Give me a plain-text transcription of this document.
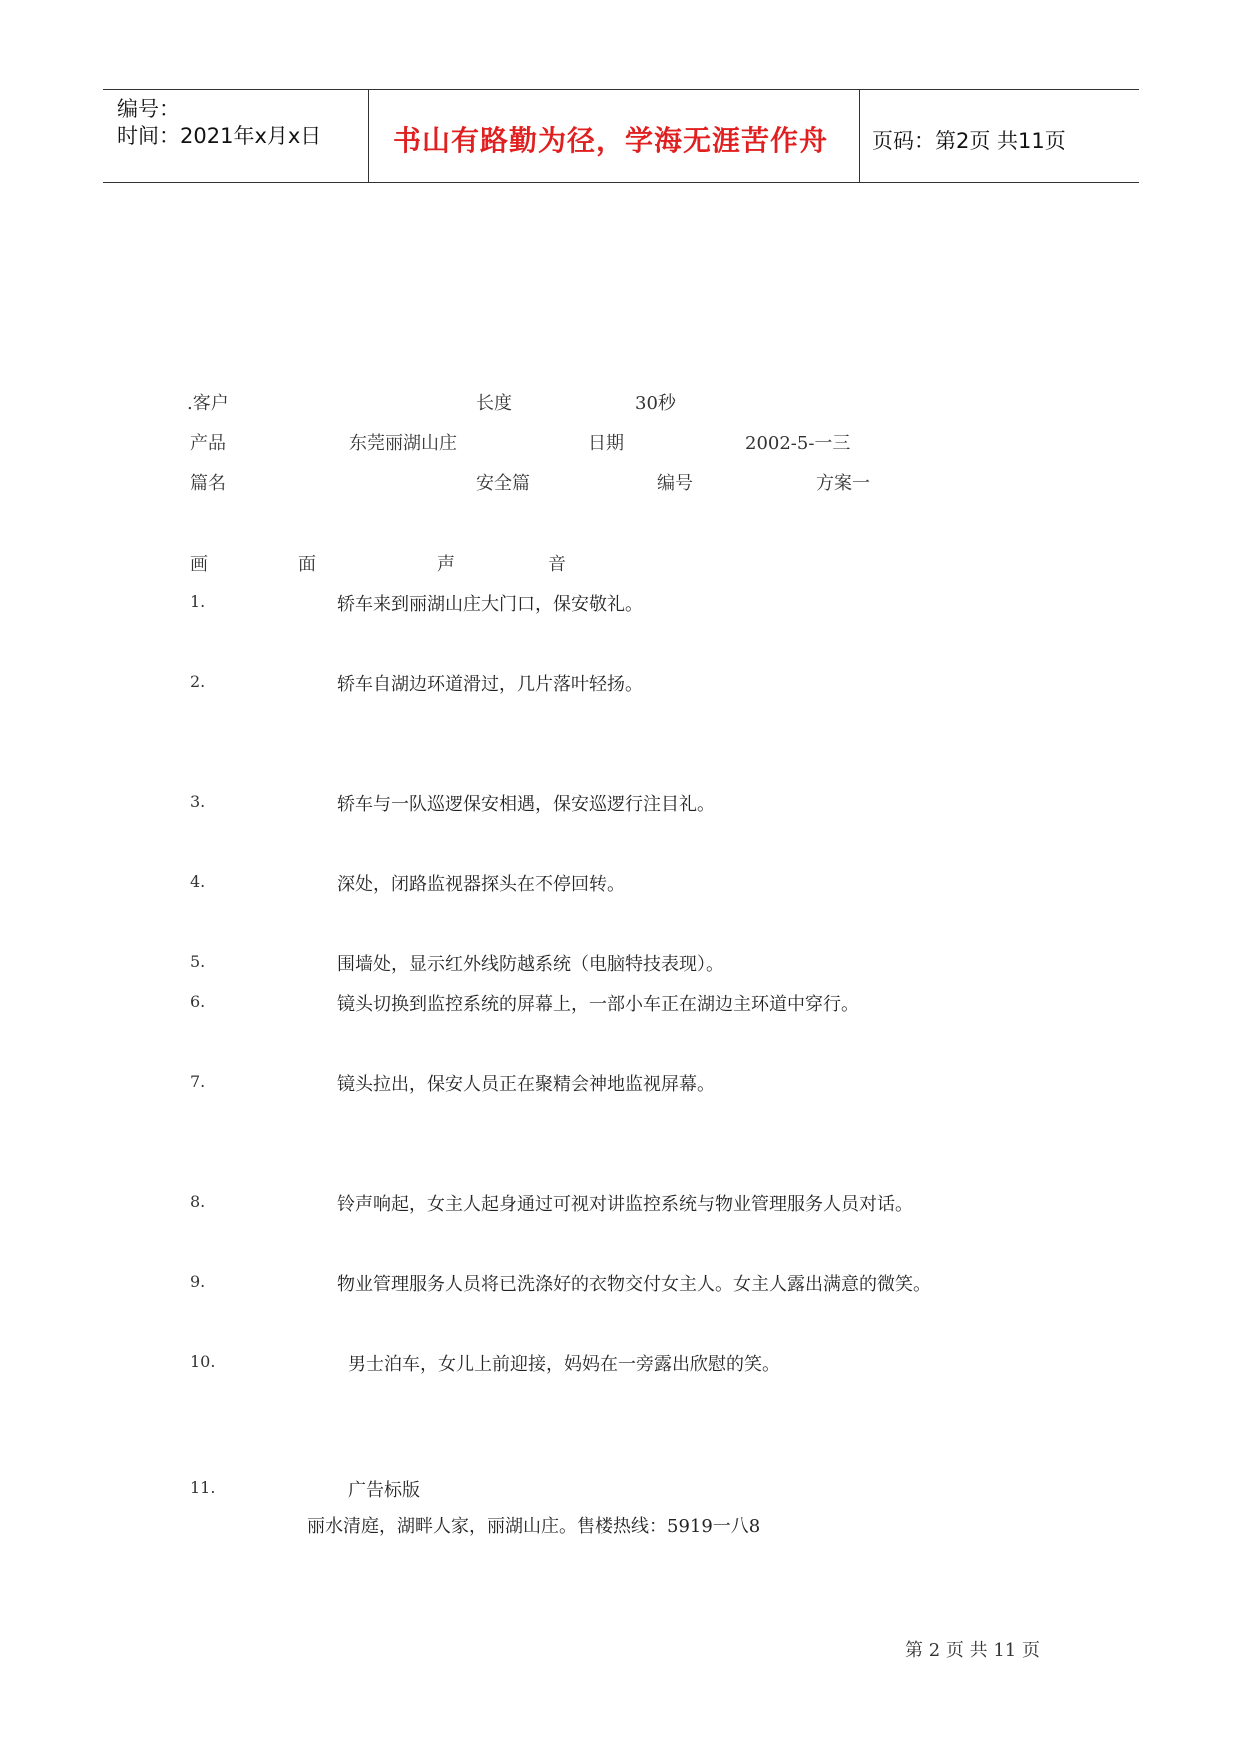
编号：
时间：2021年x月x日	书山有路勤为径，学海无涯苦作舟 页码：第2页 共11页
.客户	长度	30秒
产品	东莞丽湖山庄	日期	2002-5-一三
篇名	安全篇	编号	方案一
画	面	声	音
1.	轿车来到丽湖山庄大门口，保安敬礼。
2.	轿车自湖边环道滑过，几片落叶轻扬。
3.	轿车与一队巡逻保安相遇，保安巡逻行注目礼。
4.	深处，闭路监视器探头在不停回转。
5.	围墙处，显示红外线防越系统（电脑特技表现）。
6.	镜头切换到监控系统的屏幕上，一部小车正在湖边主环道中穿行。
7.	镜头拉出，保安人员正在聚精会神地监视屏幕。
8.	铃声响起，女主人起身通过可视对讲监控系统与物业管理服务人员对话。
9.	物业管理服务人员将已洗涤好的衣物交付女主人。女主人露出满意的微笑。
10.	男士泊车，女儿上前迎接，妈妈在一旁露出欣慰的笑。
11.	广告标版
丽水清庭，湖畔人家，丽湖山庄。售楼热线：5919一八8
第 2 页 共 11 页
